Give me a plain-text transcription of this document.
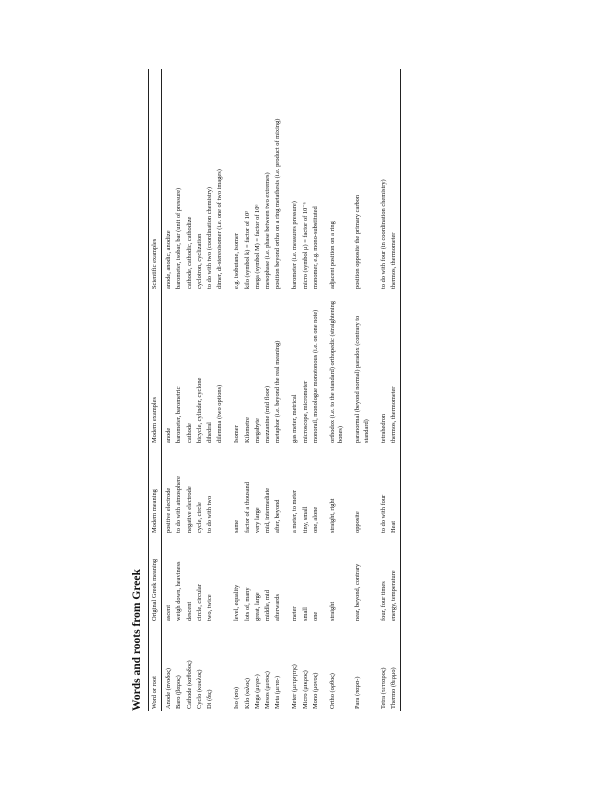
Words and roots from Greek Word or root	Original Greek meaning	Modern meaning	Modern examples	Scientific examples
Anode (ανοδος)	ascent	positive electrode	anode	anode, anodic, anodize
Baro (βαρος)	weigh down, heaviness	to do with atmosphere	barometer, barometric	barometer, isobar, bar (unit of pressure)
Cathode (καθοδος)	descent	negative electrode	cathode	cathode, cathodic, cathodize
Cyclo (κυκλος)	circle, circular	cycle, circle	bicycle, cylinder, cyclone	cyclotron, cyclization
Di (δις)	two, twice	to do with two	dihedral	to do with two (coordination chemistry)
			dilemma (two options)	dimer, di-stereoisomer (i.e. one of two images)
Iso (ισο)	level, equality	same	Isomer	e.g. isobutane, isomer
Kilo (κιλος)	lots of, many	factor of a thousand	Kilometre	kilo (symbol k) = factor of 10³
Mega (μεγα-)	great, large	very large	megabyte	mega (symbol M) = factor of 10⁶
Mesos (μεσος)	middle, mid	mid, intermediate	mezzanine (mid floor)	mesophase (i.e. phase between two extremes)
Meta (μετα-)	afterwards	after, beyond	metaphor (i.e. beyond the real meaning)	position beyond ortho on a ring metathesis (i.e. product of mixing)
Meter (μετρητης)	meter	a meter, to meter	gas meter, metrical	barometer (i.e. measures pressure)
Micro (μικρος)	small	tiny, small	microscope, micrometer	micro (symbol μ) = factor of 10⁻⁶
Mono (μονος)	one	one, alone	monorail, monologue monotonous (i.e. on one note)	monomer, e.g. mono-substituted
Ortho (ορθος)	straight	straight, right	orthodox (i.e. to the standard) orthopedic (straightening bones)	adjacent position on a ring
Para (παρα-)	near, beyond, contrary	opposite	paranormal (beyond normal) paradox (contrary to standard)	position opposite the primary carbon
Tetra (τετταρος)	four, four times	to do with four	tetrahedron	to do with four (in coordination chemistry)
Thermo (θερμο)	energy, temperature	Heat	thermos, thermometer	thermos, thermometer
